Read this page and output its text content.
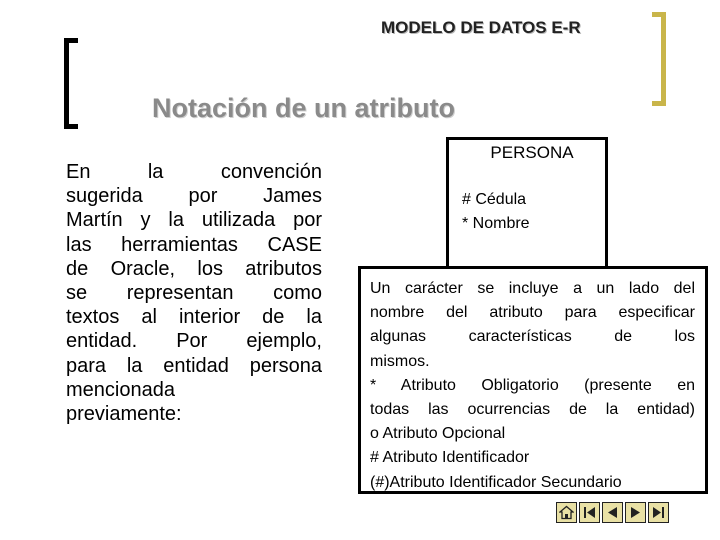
MODELO DE DATOS E-R
Notación de un atributo
En la convención
sugerida por James
Martín y la utilizada por
las herramientas CASE
de Oracle, los atributos
se representan como
textos al interior de la
entidad. Por ejemplo,
para la entidad persona
mencionada
previamente:
PERSONA
# Cédula
* Nombre
Un carácter se incluye a un lado del
nombre del atributo para especificar
algunas características de los
mismos.
* Atributo Obligatorio (presente en
todas las ocurrencias de la entidad)
o Atributo Opcional
# Atributo Identificador
(#)Atributo Identificador Secundario
